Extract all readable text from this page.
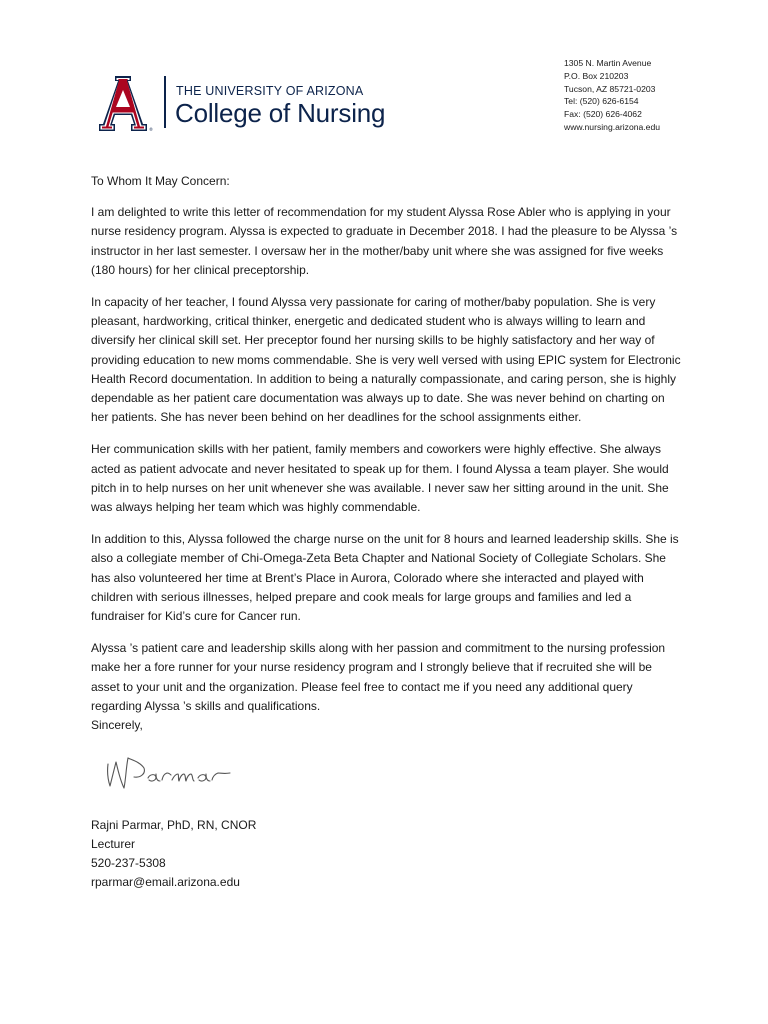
®
THE UNIVERSITY OF ARIZONA
College of Nursing
1305 N. Martin Avenue
P.O. Box 210203
Tucson, AZ 85721-0203
Tel: (520) 626-6154
Fax: (520) 626-4062
www.nursing.arizona.edu

To Whom It May Concern:

I am delighted to write this letter of recommendation for my student Alyssa Rose Abler who is applying in your nurse residency program. Alyssa is expected to graduate in December 2018. I had the pleasure to be Alyssa ’s instructor in her last semester. I oversaw her in the mother/baby unit where she was assigned for five weeks (180 hours) for her clinical preceptorship.

In capacity of her teacher, I found Alyssa very passionate for caring of mother/baby population. She is very pleasant, hardworking, critical thinker, energetic and dedicated student who is always willing to learn and diversify her clinical skill set. Her preceptor found her nursing skills to be highly satisfactory and her way of providing education to new moms commendable. She is very well versed with using EPIC system for Electronic Health Record documentation. In addition to being a naturally compassionate, and caring person, she is highly dependable as her patient care documentation was always up to date. She was never behind on charting on her patients. She has never been behind on her deadlines for the school assignments either.

Her communication skills with her patient, family members and coworkers were highly effective. She always acted as patient advocate and never hesitated to speak up for them. I found Alyssa a team player. She would pitch in to help nurses on her unit whenever she was available. I never saw her sitting around in the unit. She was always helping her team which was highly commendable.

In addition to this, Alyssa followed the charge nurse on the unit for 8 hours and learned leadership skills. She is also a collegiate member of Chi-Omega-Zeta Beta Chapter and National Society of Collegiate Scholars. She has also volunteered her time at Brent’s Place in Aurora, Colorado where she interacted and played with children with serious illnesses, helped prepare and cook meals for large groups and families and led a fundraiser for Kid’s cure for Cancer run.

Alyssa ’s patient care and leadership skills along with her passion and commitment to the nursing profession make her a fore runner for your nurse residency program and I strongly believe that if recruited she will be asset to your unit and the organization. Please feel free to contact me if you need any additional query regarding Alyssa ’s skills and qualifications.

Sincerely,
Rajni Parmar, PhD, RN, CNOR
Lecturer
520-237-5308
rparmar@email.arizona.edu
